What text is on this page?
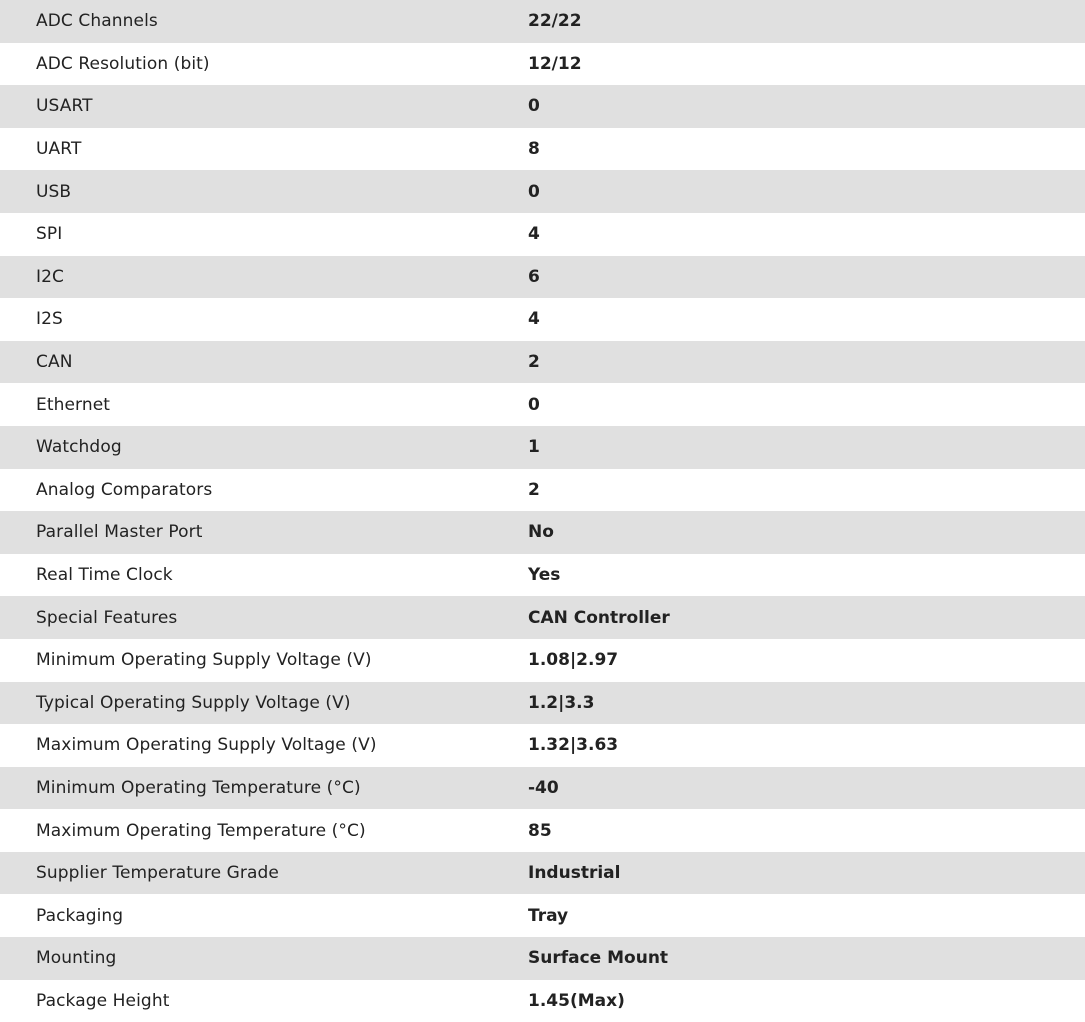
ADC Channels	22/22
ADC Resolution (bit)	12/12
USART	0
UART	8
USB	0
SPI	4
I2C	6
I2S	4
CAN	2
Ethernet	0
Watchdog	1
Analog Comparators	2
Parallel Master Port	No
Real Time Clock	Yes
Special Features	CAN Controller
Minimum Operating Supply Voltage (V)	1.08|2.97
Typical Operating Supply Voltage (V)	1.2|3.3
Maximum Operating Supply Voltage (V)	1.32|3.63
Minimum Operating Temperature (°C)	-40
Maximum Operating Temperature (°C)	85
Supplier Temperature Grade	Industrial
Packaging	Tray
Mounting	Surface Mount
Package Height	1.45(Max)
